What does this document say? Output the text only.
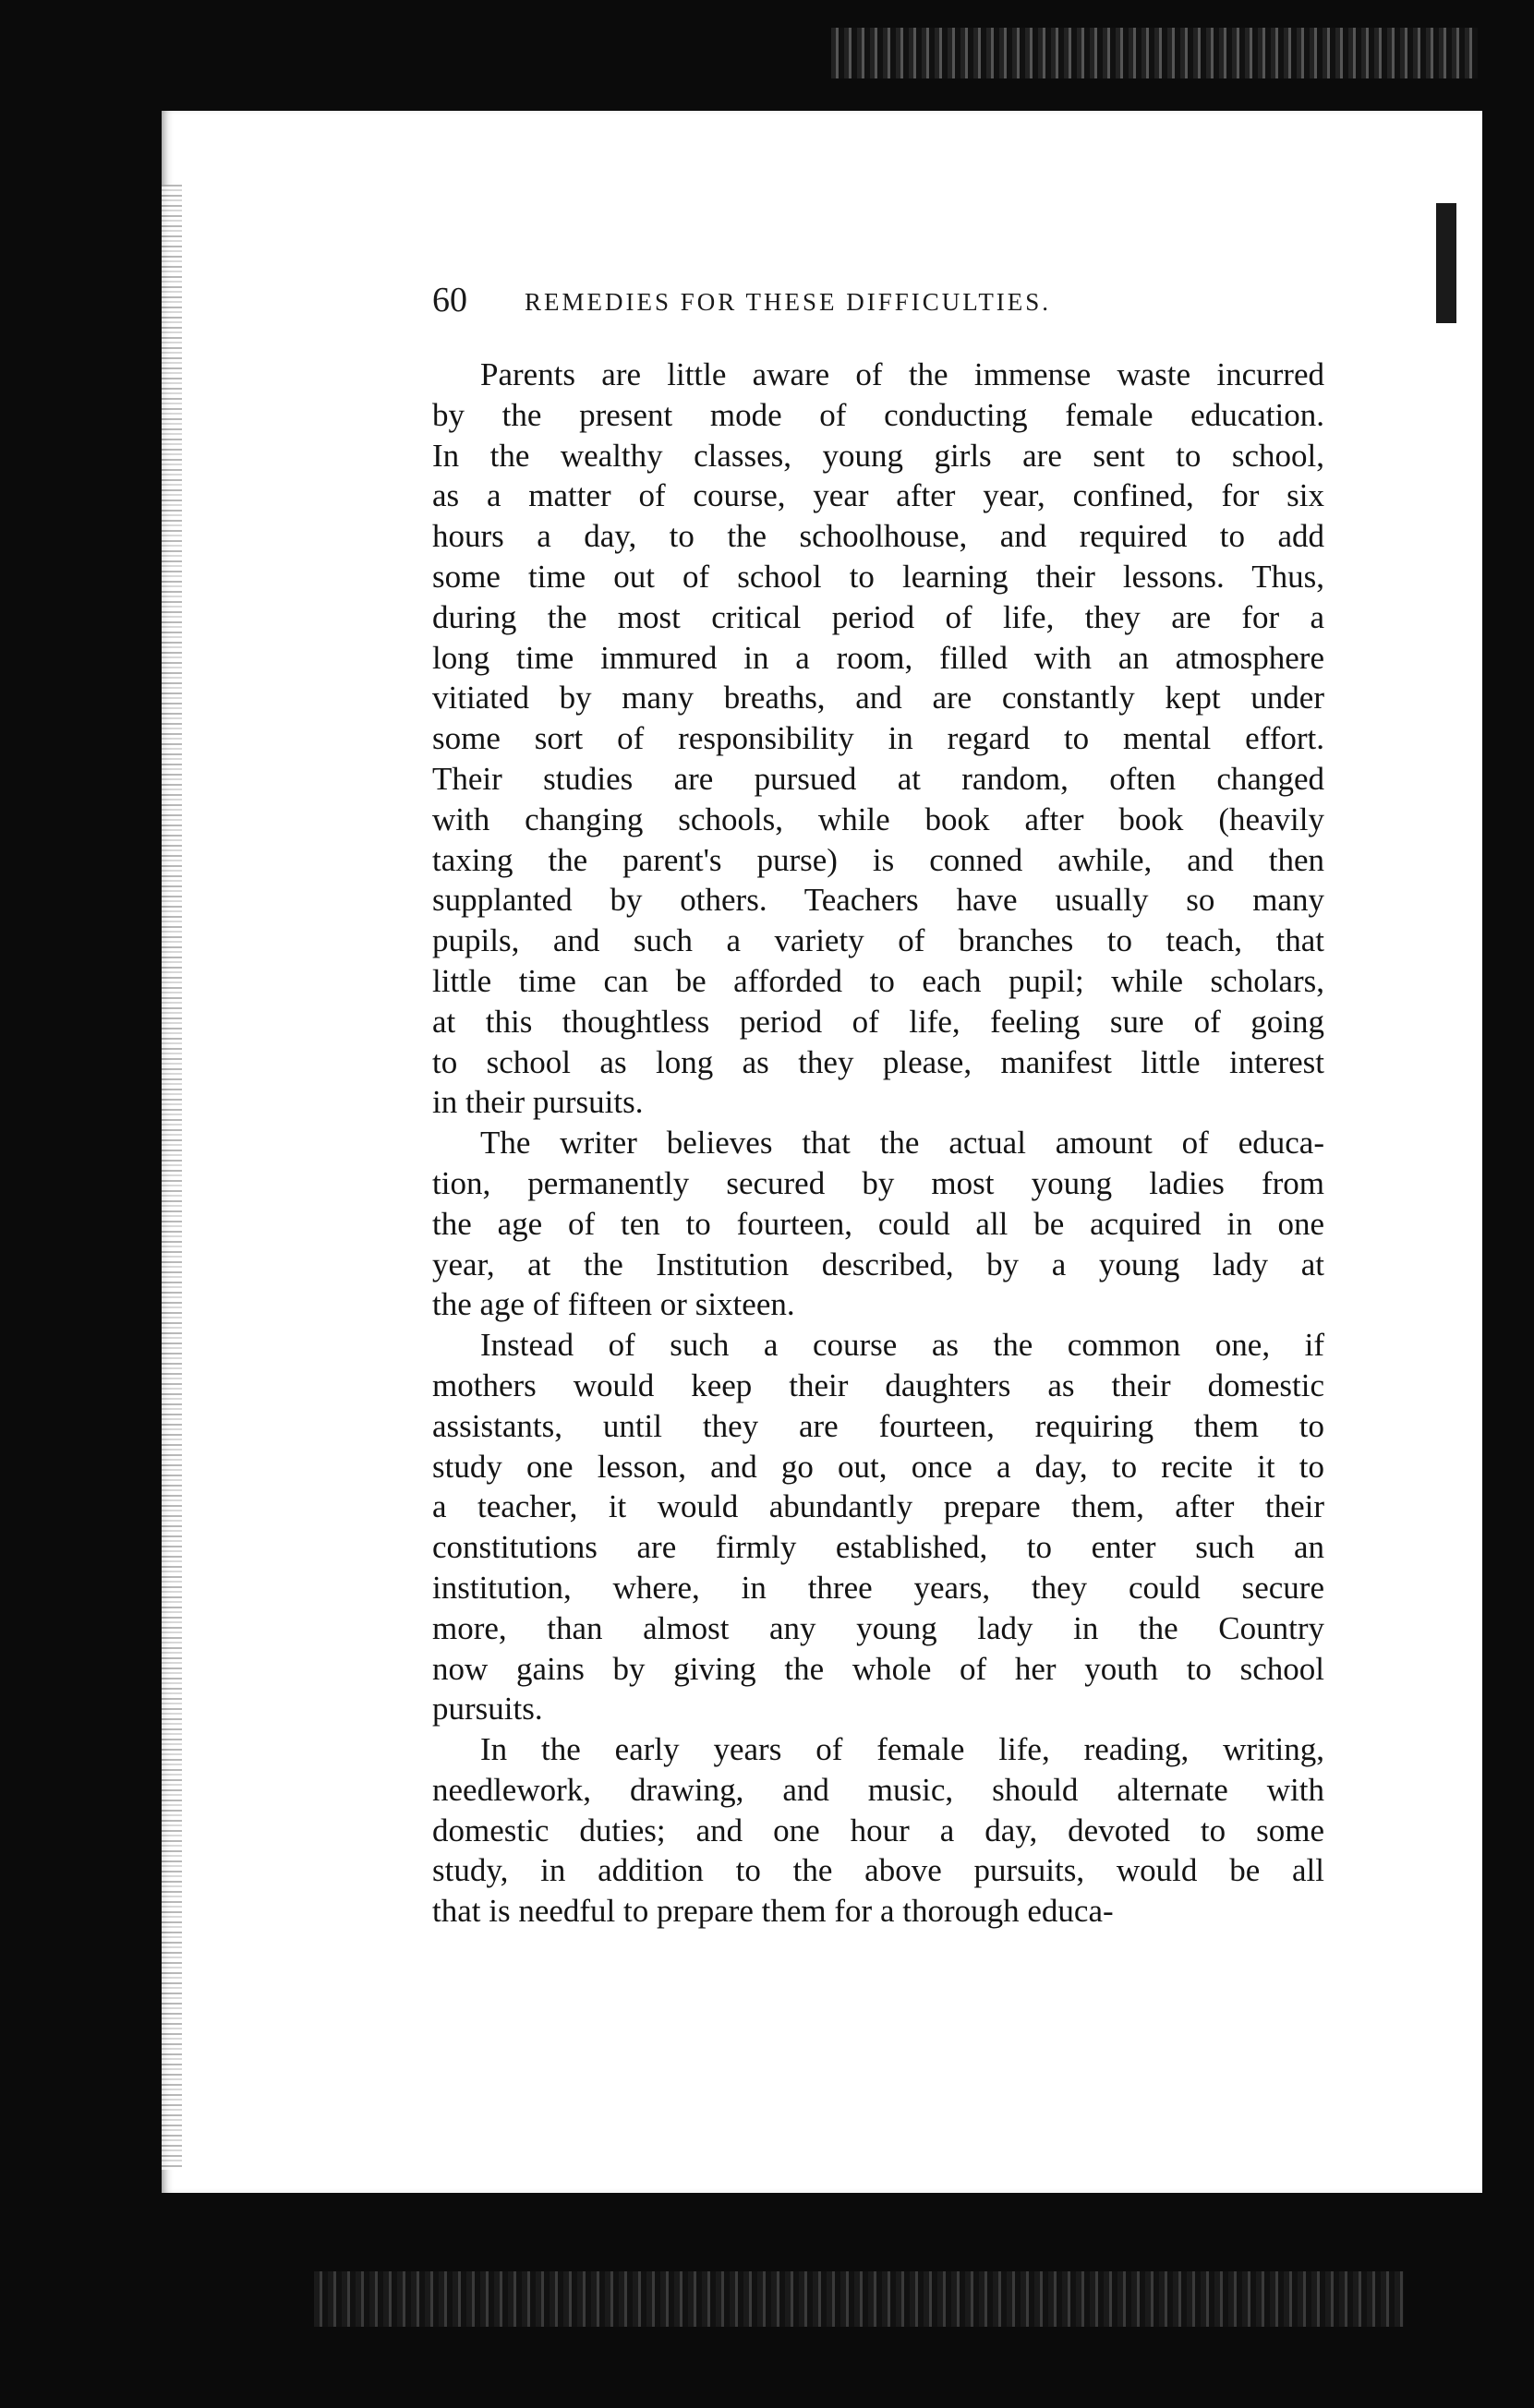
60 REMEDIES FOR THESE DIFFICULTIES.
Parents are little aware of the immense waste incurred
by the present mode of conducting female education.
In the wealthy classes, young girls are sent to school,
as a matter of course, year after year, confined, for six
hours a day, to the schoolhouse, and required to add
some time out of school to learning their lessons. Thus,
during the most critical period of life, they are for a
long time immured in a room, filled with an atmosphere
vitiated by many breaths, and are constantly kept under
some sort of responsibility in regard to mental effort.
Their studies are pursued at random, often changed
with changing schools, while book after book (heavily
taxing the parent's purse) is conned awhile, and then
supplanted by others. Teachers have usually so many
pupils, and such a variety of branches to teach, that
little time can be afforded to each pupil; while scholars,
at this thoughtless period of life, feeling sure of going
to school as long as they please, manifest little interest
in their pursuits.
The writer believes that the actual amount of educa-
tion, permanently secured by most young ladies from
the age of ten to fourteen, could all be acquired in one
year, at the Institution described, by a young lady at
the age of fifteen or sixteen.
Instead of such a course as the common one, if
mothers would keep their daughters as their domestic
assistants, until they are fourteen, requiring them to
study one lesson, and go out, once a day, to recite it to
a teacher, it would abundantly prepare them, after their
constitutions are firmly established, to enter such an
institution, where, in three years, they could secure
more, than almost any young lady in the Country
now gains by giving the whole of her youth to school
pursuits.
In the early years of female life, reading, writing,
needlework, drawing, and music, should alternate with
domestic duties; and one hour a day, devoted to some
study, in addition to the above pursuits, would be all
that is needful to prepare them for a thorough educa-
